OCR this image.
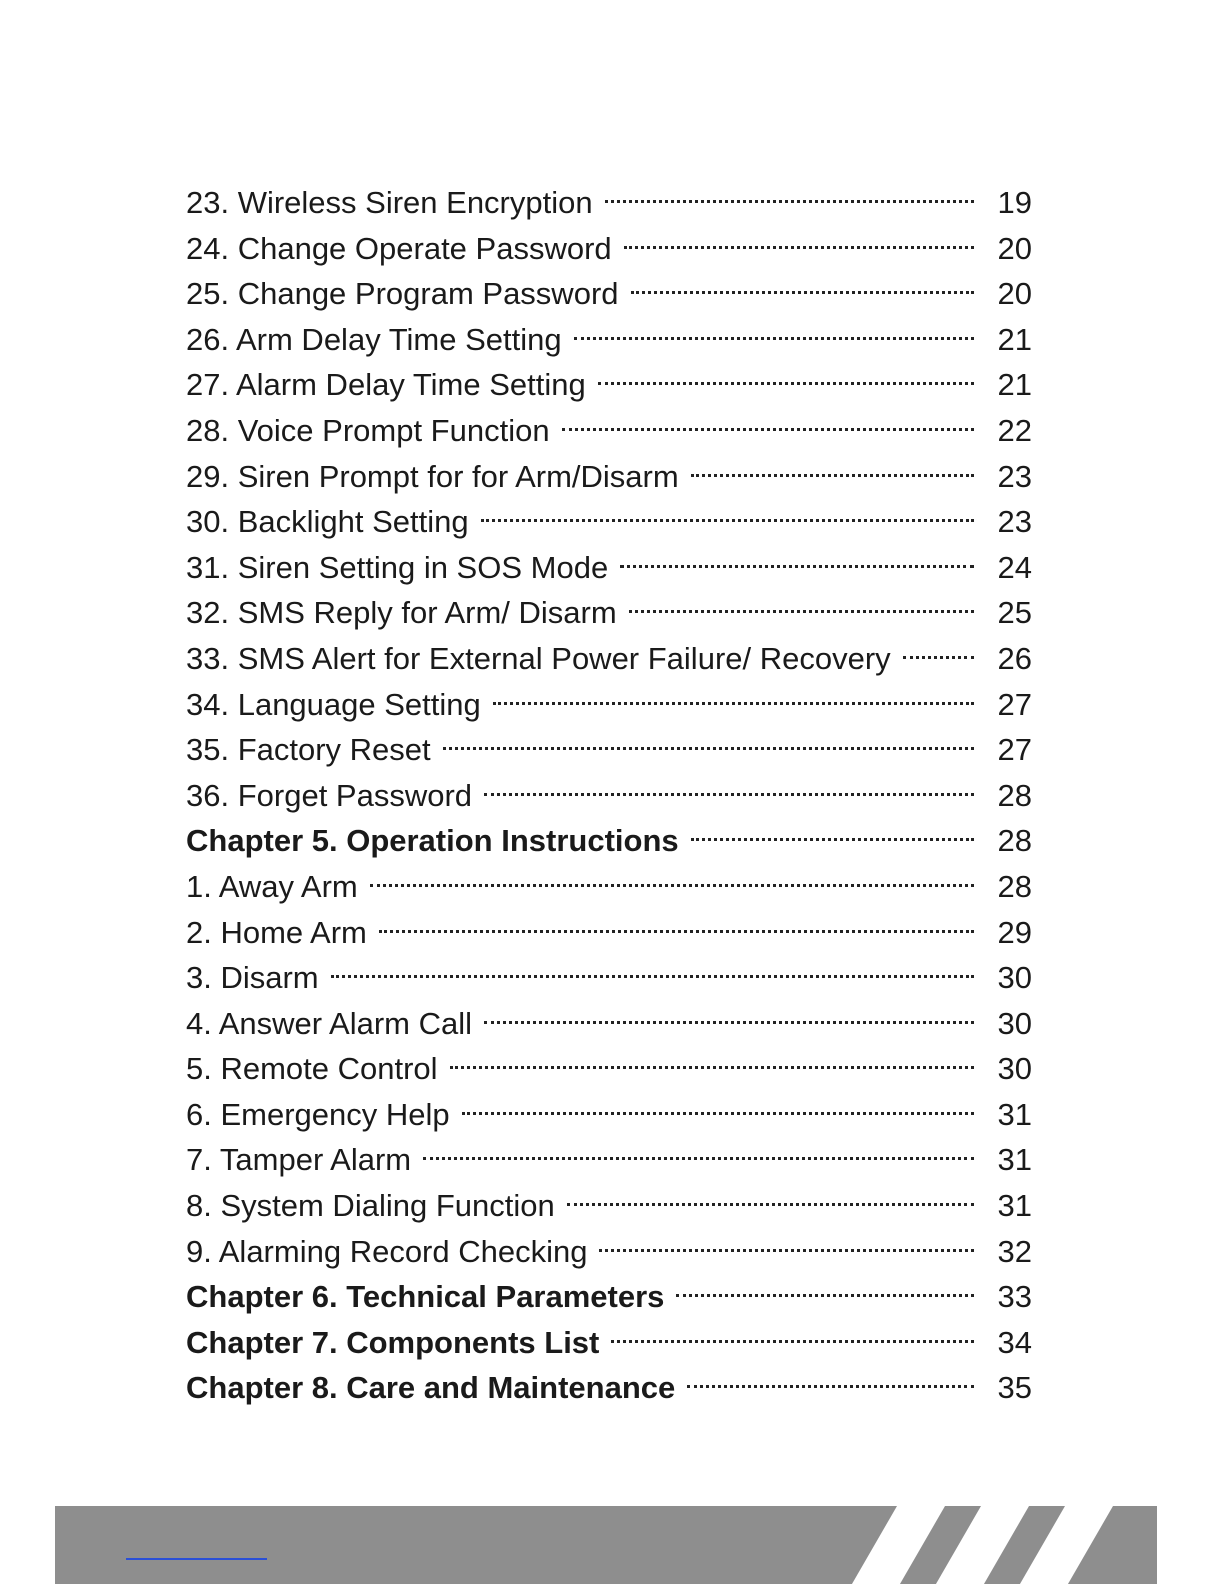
23. Wireless Siren Encryption	19
24. Change Operate Password	20
25. Change Program Password	20
26. Arm Delay Time Setting	21
27. Alarm Delay Time Setting	21
28. Voice Prompt Function	22
29. Siren Prompt for for Arm/Disarm	23
30. Backlight Setting	23
31. Siren Setting in SOS Mode	24
32. SMS Reply for Arm/ Disarm	25
33. SMS Alert for External Power Failure/ Recovery	26
34. Language Setting	27
35. Factory Reset	27
36. Forget Password	28
Chapter 5. Operation Instructions	28
1. Away Arm	28
2. Home Arm	29
3. Disarm	30
4. Answer Alarm Call	30
5. Remote Control	30
6. Emergency Help	31
7. Tamper Alarm	31
8. System Dialing Function	31
9. Alarming Record Checking	32
Chapter 6. Technical Parameters	33
Chapter 7. Components List	34
Chapter 8. Care and Maintenance	35
